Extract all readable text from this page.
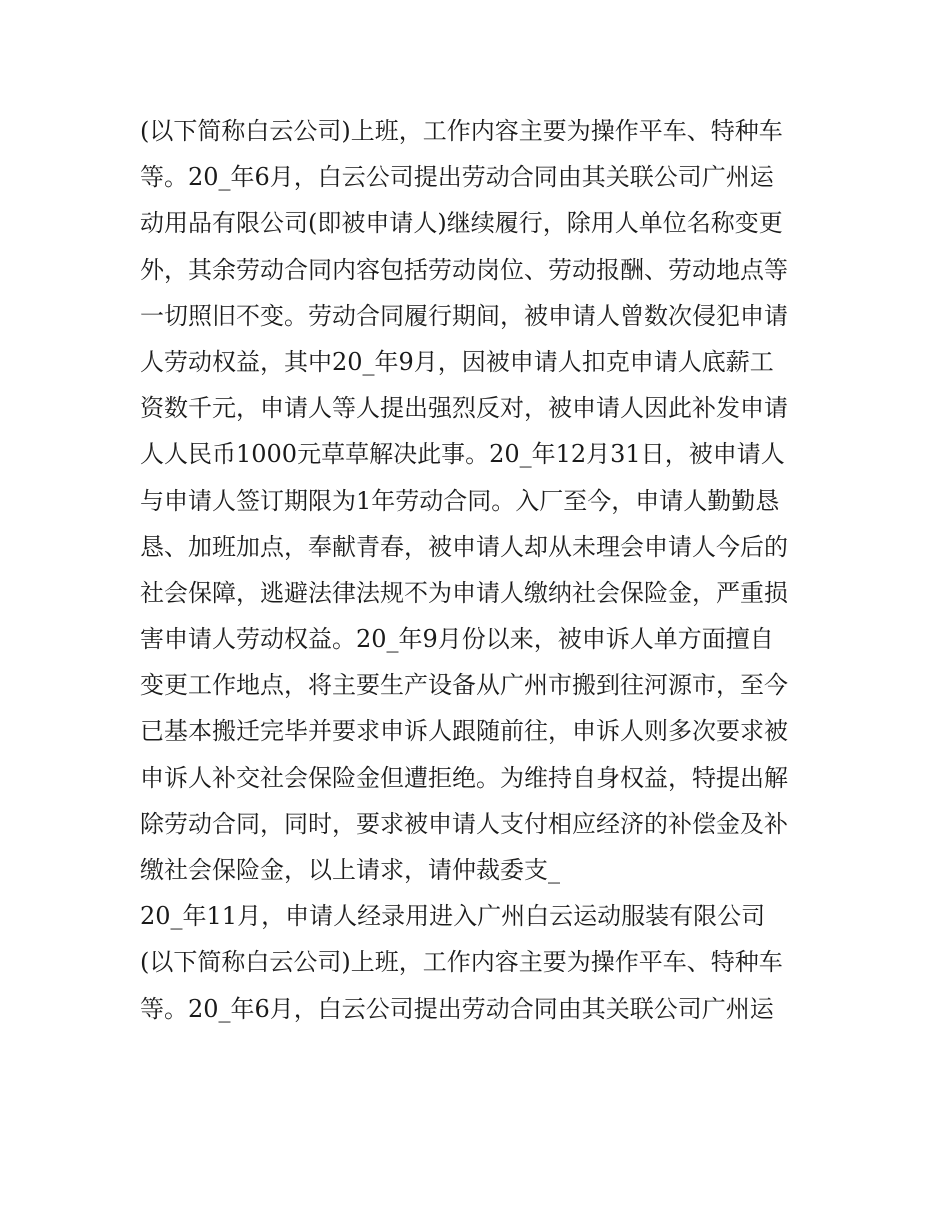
(以下简称白云公司)上班，工作内容主要为操作平车、特种车
等。20_年6月，白云公司提出劳动合同由其关联公司广州运
动用品有限公司(即被申请人)继续履行，除用人单位名称变更
外，其余劳动合同内容包括劳动岗位、劳动报酬、劳动地点等
一切照旧不变。劳动合同履行期间，被申请人曾数次侵犯申请
人劳动权益，其中20_年9月，因被申请人扣克申请人底薪工
资数千元，申请人等人提出强烈反对，被申请人因此补发申请
人人民币1000元草草解决此事。20_年12月31日，被申请人
与申请人签订期限为1年劳动合同。入厂至今，申请人勤勤恳
恳、加班加点，奉献青春，被申请人却从未理会申请人今后的
社会保障，逃避法律法规不为申请人缴纳社会保险金，严重损
害申请人劳动权益。20_年9月份以来，被申诉人单方面擅自
变更工作地点，将主要生产设备从广州市搬到往河源市，至今
已基本搬迁完毕并要求申诉人跟随前往，申诉人则多次要求被
申诉人补交社会保险金但遭拒绝。为维持自身权益，特提出解
除劳动合同，同时，要求被申请人支付相应经济的补偿金及补
缴社会保险金，以上请求，请仲裁委支_
20_年11月，申请人经录用进入广州白云运动服装有限公司
(以下简称白云公司)上班，工作内容主要为操作平车、特种车
等。20_年6月，白云公司提出劳动合同由其关联公司广州运
